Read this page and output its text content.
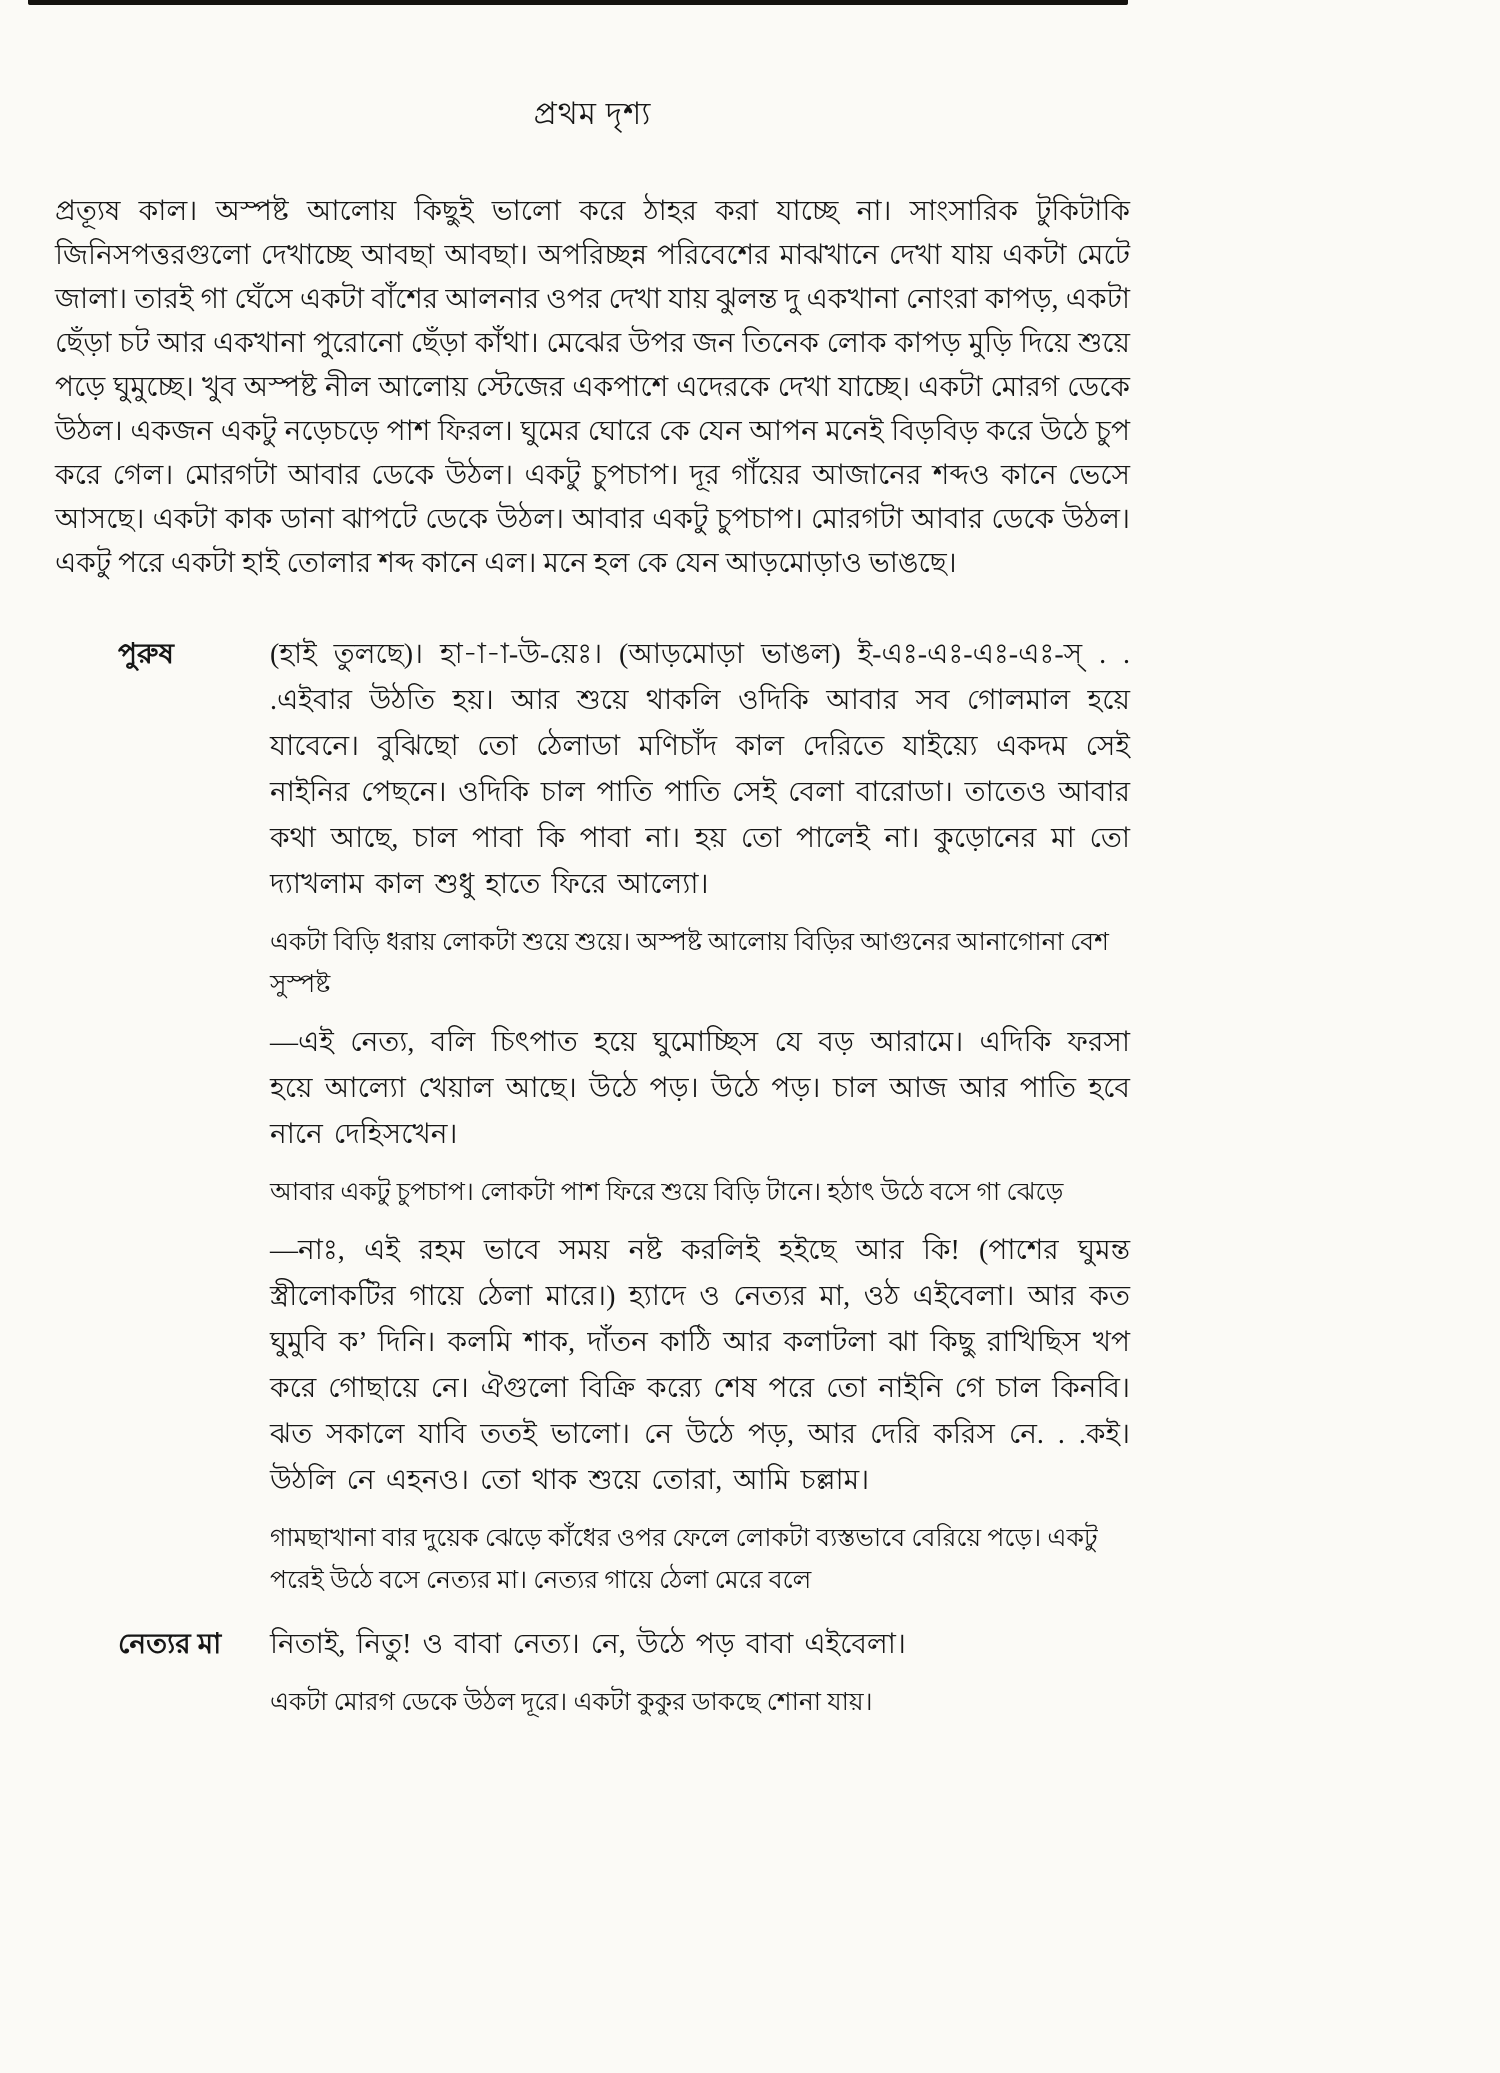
প্রথম দৃশ্য

প্রত্যূষ কাল। অস্পষ্ট আলোয় কিছুই ভালো করে ঠাহর করা যাচ্ছে না। সাংসারিক টুকিটাকি জিনিসপত্তরগুলো দেখাচ্ছে আবছা আবছা। অপরিচ্ছন্ন পরিবেশের মাঝখানে দেখা যায় একটা মেটে জালা। তারই গা ঘেঁসে একটা বাঁশের আলনার ওপর দেখা যায় ঝুলন্ত দু একখানা নোংরা কাপড়, একটা ছেঁড়া চট আর একখানা পুরোনো ছেঁড়া কাঁথা। মেঝের উপর জন তিনেক লোক কাপড় মুড়ি দিয়ে শুয়ে পড়ে ঘুমুচ্ছে। খুব অস্পষ্ট নীল আলোয় স্টেজের একপাশে এদেরকে দেখা যাচ্ছে। একটা মোরগ ডেকে উঠল। একজন একটু নড়েচড়ে পাশ ফিরল। ঘুমের ঘোরে কে যেন আপন মনেই বিড়বিড় করে উঠে চুপ করে গেল। মোরগটা আবার ডেকে উঠল। একটু চুপচাপ। দূর গাঁয়ের আজানের শব্দও কানে ভেসে আসছে। একটা কাক ডানা ঝাপটে ডেকে উঠল। আবার একটু চুপচাপ। মোরগটা আবার ডেকে উঠল। একটু পরে একটা হাই তোলার শব্দ কানে এল। মনে হল কে যেন আড়মোড়াও ভাঙছে।

পুরুষ	(হাই তুলছে)। হা-া-া-উ-য়েঃ। (আড়মোড়া ভাঙল) ই-এঃ-এঃ-এঃ-এঃ-স্ . . .এইবার উঠতি হয়। আর শুয়ে থাকলি ওদিকি আবার সব গোলমাল হয়ে যাবেনে। বুঝিছো তো ঠেলাডা মণিচাঁদ কাল দেরিতে যাইয়্যে একদম সেই নাইনির পেছনে। ওদিকি চাল পাতি পাতি সেই বেলা বারোডা। তাতেও আবার কথা আছে, চাল পাবা কি পাবা না। হয় তো পালেই না। কুড়োনের মা তো দ্যাখলাম কাল শুধু হাতে ফিরে আল্যো।

একটা বিড়ি ধরায় লোকটা শুয়ে শুয়ে। অস্পষ্ট আলোয় বিড়ির আগুনের আনাগোনা বেশ সুস্পষ্ট

—এই নেত্য, বলি চিৎপাত হয়ে ঘুমোচ্ছিস যে বড় আরামে। এদিকি ফরসা হয়ে আল্যো খেয়াল আছে। উঠে পড়। উঠে পড়। চাল আজ আর পাতি হবে নানে দেহিসখেন।

আবার একটু চুপচাপ। লোকটা পাশ ফিরে শুয়ে বিড়ি টানে। হঠাৎ উঠে বসে গা ঝেড়ে

—নাঃ, এই রহম ভাবে সময় নষ্ট করলিই হইছে আর কি! (পাশের ঘুমন্ত স্ত্রীলোকটির গায়ে ঠেলা মারে।) হ্যাদে ও নেত্যর মা, ওঠ এইবেলা। আর কত ঘুমুবি ক’ দিনি। কলমি শাক, দাঁতন কাঠি আর কলাটলা ঝা কিছু রাখিছিস খপ করে গোছায়ে নে। ঐগুলো বিক্রি কর‍্যে শেষ পরে তো নাইনি গে চাল কিনবি। ঝত সকালে যাবি ততই ভালো। নে উঠে পড়, আর দেরি করিস নে. . .কই। উঠলি নে এহনও। তো থাক শুয়ে তোরা, আমি চল্লাম।

গামছাখানা বার দুয়েক ঝেড়ে কাঁধের ওপর ফেলে লোকটা ব্যস্তভাবে বেরিয়ে পড়ে। একটু পরেই উঠে বসে নেত্যর মা। নেত্যর গায়ে ঠেলা মেরে বলে

নেত্যর মা	নিতাই, নিতু! ও বাবা নেত্য। নে, উঠে পড় বাবা এইবেলা।

একটা মোরগ ডেকে উঠল দূরে। একটা কুকুর ডাকছে শোনা যায়।
